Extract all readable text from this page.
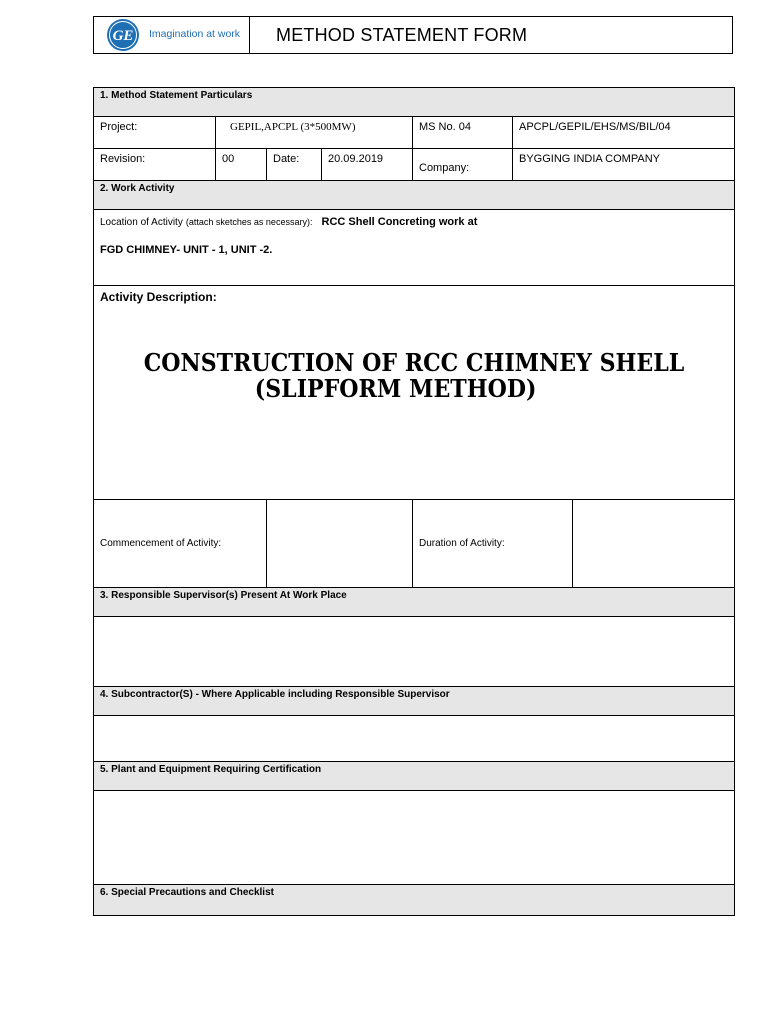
GE Imagination at work METHOD STATEMENT FORM
1. Method Statement Particulars						

Project:	GEPIL,APCPL (3*500MW)			MS No. 04	APCPL/GEPIL/EHS/MS/BIL/04	
Revision:	00	Date:	20.09.2019	Company:	BYGGING INDIA COMPANY	

2. Work Activity						

Location of Activity (attach sketches as necessary): RCC Shell Concreting work at
FGD CHIMNEY- UNIT - 1, UNIT -2.						

Activity Description:
CONSTRUCTION OF RCC CHIMNEY SHELL
(SLIPFORM METHOD)						

Commencement of Activity:				Duration of Activity:		

3. Responsible Supervisor(s) Present At Work Place						

4. Subcontractor(S) - Where Applicable including Responsible Supervisor						

5. Plant and Equipment Requiring Certification						

6. Special Precautions and Checklist						
